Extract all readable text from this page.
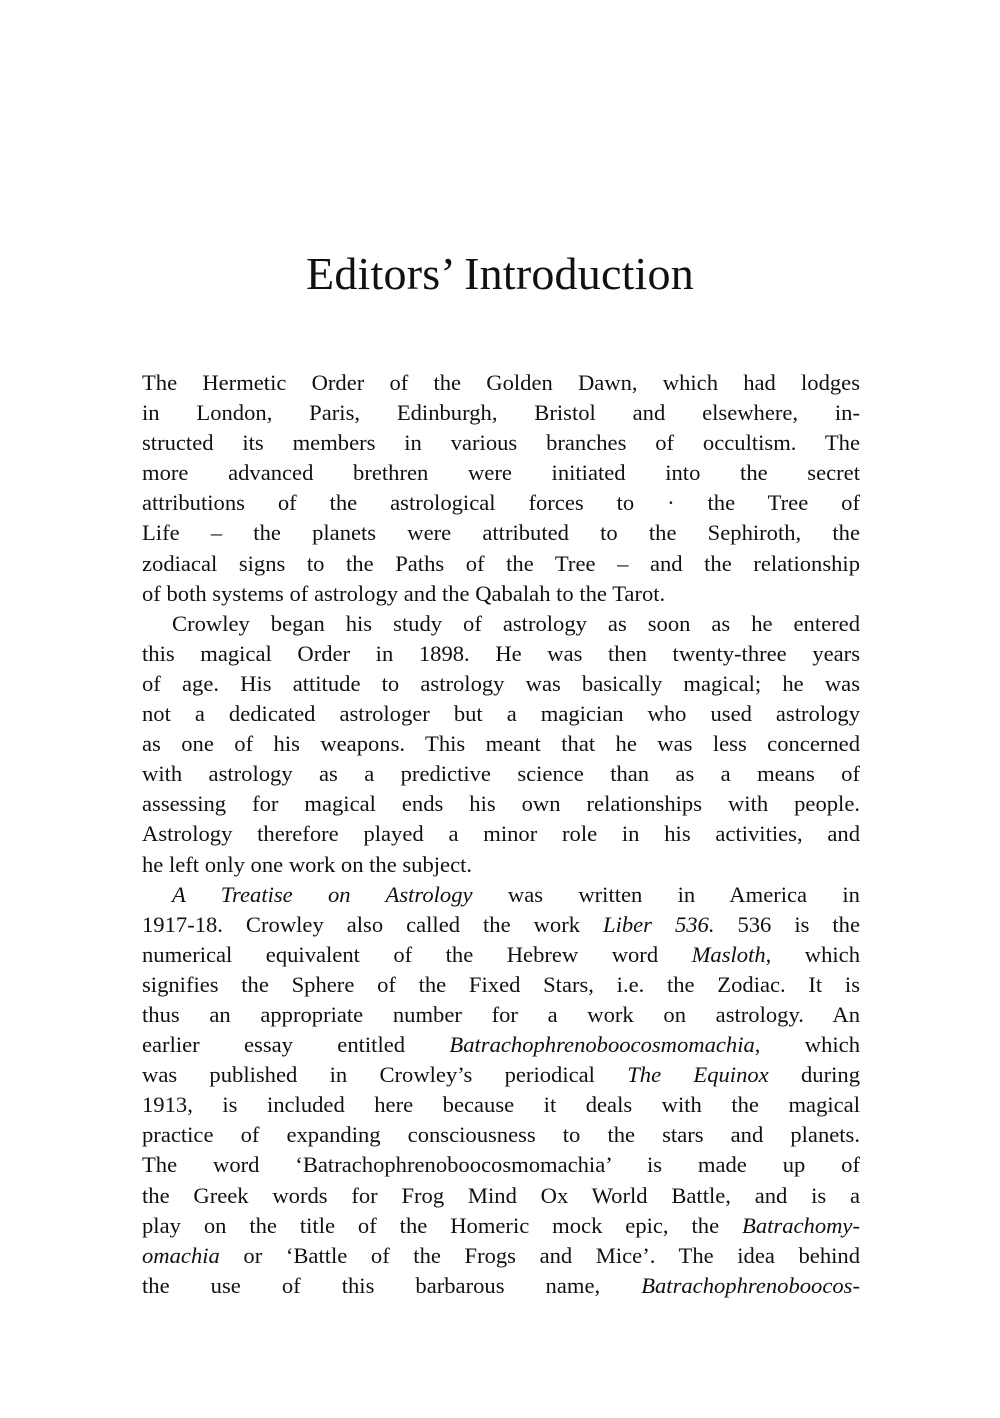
Editors’ Introduction
The Hermetic Order of the Golden Dawn, which had lodges
in London, Paris, Edinburgh, Bristol and elsewhere, in-
structed its members in various branches of occultism. The
more advanced brethren were initiated into the secret
attributions of the astrological forces to · the Tree of
Life – the planets were attributed to the Sephiroth, the
zodiacal signs to the Paths of the Tree – and the relationship
of both systems of astrology and the Qabalah to the Tarot.
Crowley began his study of astrology as soon as he entered
this magical Order in 1898. He was then twenty-three years
of age. His attitude to astrology was basically magical; he was
not a dedicated astrologer but a magician who used astrology
as one of his weapons. This meant that he was less concerned
with astrology as a predictive science than as a means of
assessing for magical ends his own relationships with people.
Astrology therefore played a minor role in his activities, and
he left only one work on the subject.
A Treatise on Astrology was written in America in
1917-18. Crowley also called the work Liber 536. 536 is the
numerical equivalent of the Hebrew word Masloth, which
signifies the Sphere of the Fixed Stars, i.e. the Zodiac. It is
thus an appropriate number for a work on astrology. An
earlier essay entitled Batrachophrenoboocosmomachia, which
was published in Crowley’s periodical The Equinox during
1913, is included here because it deals with the magical
practice of expanding consciousness to the stars and planets.
The word ‘Batrachophrenoboocosmomachia’ is made up of
the Greek words for Frog Mind Ox World Battle, and is a
play on the title of the Homeric mock epic, the Batrachomy-
omachia or ‘Battle of the Frogs and Mice’. The idea behind
the use of this barbarous name, Batrachophrenoboocos-
